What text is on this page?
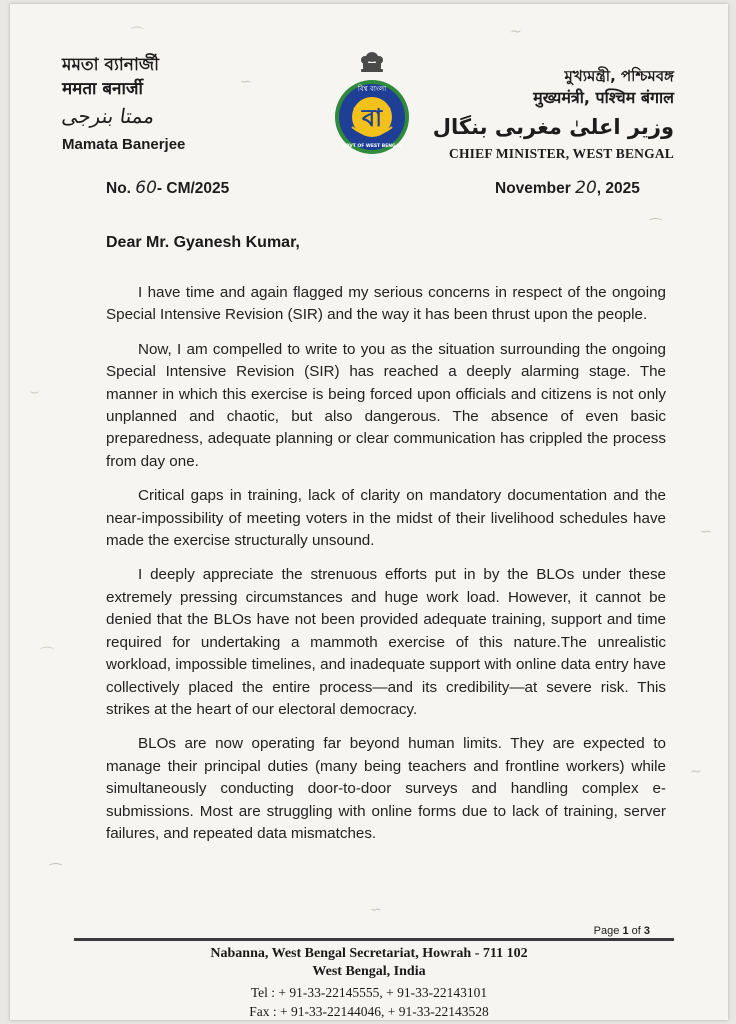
⌒
∽
~
⁀
⌣
∽
⌒
~
⁀
∽
মমতা ব্যানার্জী
ममता बनार्जी
ممتا بنرجی
Mamata Banerjee
বিশ্ব বাংলা
বা
GOVT OF WEST BENGAL
মুখ্যমন্ত্রী, পশ্চিমবঙ্গ
मुख्यमंत्री, पश्चिम बंगाल
وزیر اعلیٰ مغربی بنگال
CHIEF MINISTER, WEST BENGAL
No. 60- CM/2025	November 20, 2025
Dear Mr. Gyanesh Kumar,

I have time and again flagged my serious concerns in respect of the ongoing Special Intensive Revision (SIR) and the way it has been thrust upon the people.

Now, I am compelled to write to you as the situation surrounding the ongoing Special Intensive Revision (SIR) has reached a deeply alarming stage. The manner in which this exercise is being forced upon officials and citizens is not only unplanned and chaotic, but also dangerous. The absence of even basic preparedness, adequate planning or clear communication has crippled the process from day one.

Critical gaps in training, lack of clarity on mandatory documentation and the near-impossibility of meeting voters in the midst of their livelihood schedules have made the exercise structurally unsound.

I deeply appreciate the strenuous efforts put in by the BLOs under these extremely pressing circumstances and huge work load. However, it cannot be denied that the BLOs have not been provided adequate training, support and time required for undertaking a mammoth exercise of this nature.The unrealistic workload, impossible timelines, and inadequate support with online data entry have collectively placed the entire process—and its credibility—at severe risk. This strikes at the heart of our electoral democracy.

BLOs are now operating far beyond human limits. They are expected to manage their principal duties (many being teachers and frontline workers) while simultaneously conducting door-to-door surveys and handling complex e-submissions. Most are struggling with online forms due to lack of training, server failures, and repeated data mismatches.

Page 1 of 3
Nabanna, West Bengal Secretariat, Howrah - 711 102
West Bengal, India
Tel : + 91-33-22145555, + 91-33-22143101
Fax : + 91-33-22144046, + 91-33-22143528
